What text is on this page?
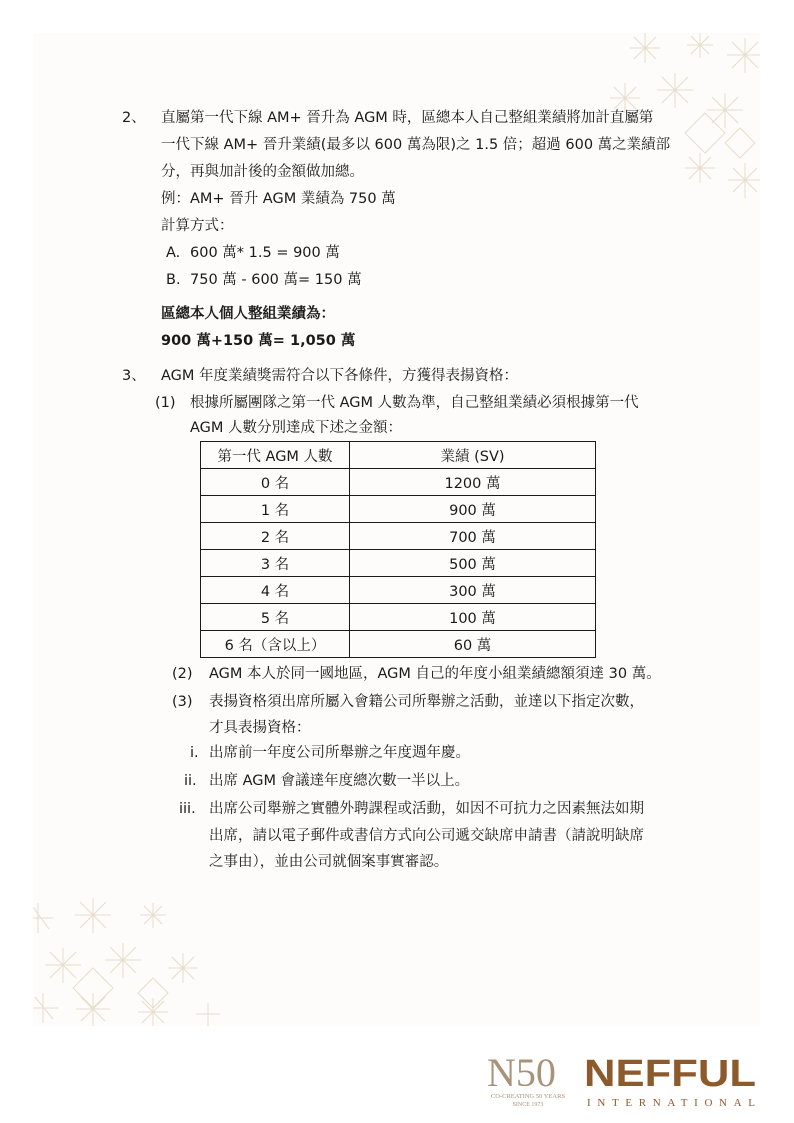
2、 直屬第一代下線 AM+ 晉升為 AGM 時，區總本人自己整組業績將加計直屬第
一代下線 AM+ 晉升業績(最多以 600 萬為限)之 1.5 倍；超過 600 萬之業績部
分，再與加計後的金額做加總。
例：AM+ 晉升 AGM 業績為 750 萬
計算方式：
A. 600 萬* 1.5 = 900 萬
B. 750 萬 - 600 萬= 150 萬
區總本人個人整組業績為：
900 萬+150 萬= 1,050 萬
3、 AGM 年度業績獎需符合以下各條件，方獲得表揚資格：
(1) 根據所屬團隊之第一代 AGM 人數為準，自己整組業績必須根據第一代
AGM 人數分別達成下述之金額：
第一代 AGM 人數	業績 (SV)
0 名	1200 萬
1 名	900 萬
2 名	700 萬
3 名	500 萬
4 名	300 萬
5 名	100 萬
6 名（含以上）	60 萬
(2) AGM 本人於同一國地區，AGM 自己的年度小組業績總額須達 30 萬。
(3) 表揚資格須出席所屬入會籍公司所舉辦之活動，並達以下指定次數，
才具表揚資格：
i. 出席前一年度公司所舉辦之年度週年慶。
ii. 出席 AGM 會議達年度總次數一半以上。
iii. 出席公司舉辦之實體外聘課程或活動，如因不可抗力之因素無法如期
出席，請以電子郵件或書信方式向公司遞交缺席申請書（請說明缺席
之事由），並由公司就個案事實審認。
N50
CO-CREATING 50 YEARS
SINCE 1973
NEFFUL
INTERNATIONAL
